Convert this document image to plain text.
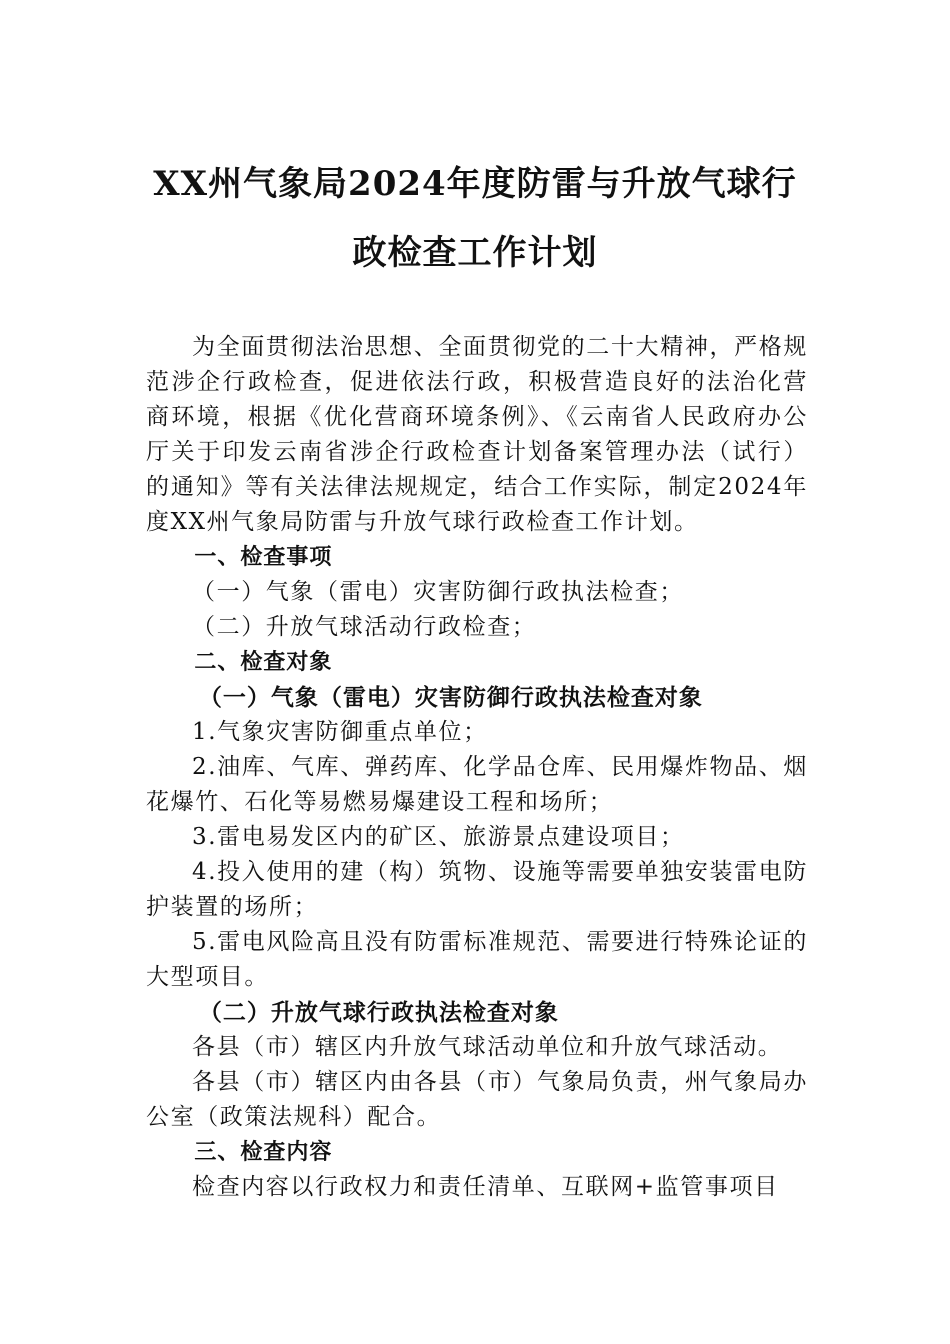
XX州气象局2024年度防雷与升放气球行
政检查工作计划

为全面贯彻法治思想、全面贯彻党的二十大精神，严格规范涉企行政检查，促进依法行政，积极营造良好的法治化营商环境，根据《优化营商环境条例》、《云南省人民政府办公厅关于印发云南省涉企行政检查计划备案管理办法（试行）的通知》等有关法律法规规定，结合工作实际，制定2024年度XX州气象局防雷与升放气球行政检查工作计划。

一、检查事项

（一）气象（雷电）灾害防御行政执法检查；

（二）升放气球活动行政检查；

二、检查对象

（一）气象（雷电）灾害防御行政执法检查对象

1.气象灾害防御重点单位；

2.油库、气库、弹药库、化学品仓库、民用爆炸物品、烟花爆竹、石化等易燃易爆建设工程和场所；

3.雷电易发区内的矿区、旅游景点建设项目；

4.投入使用的建（构）筑物、设施等需要单独安装雷电防护装置的场所；

5.雷电风险高且没有防雷标准规范、需要进行特殊论证的大型项目。

（二）升放气球行政执法检查对象

各县（市）辖区内升放气球活动单位和升放气球活动。

各县（市）辖区内由各县（市）气象局负责，州气象局办公室（政策法规科）配合。

三、检查内容

检查内容以行政权力和责任清单、互联网+监管事项目
